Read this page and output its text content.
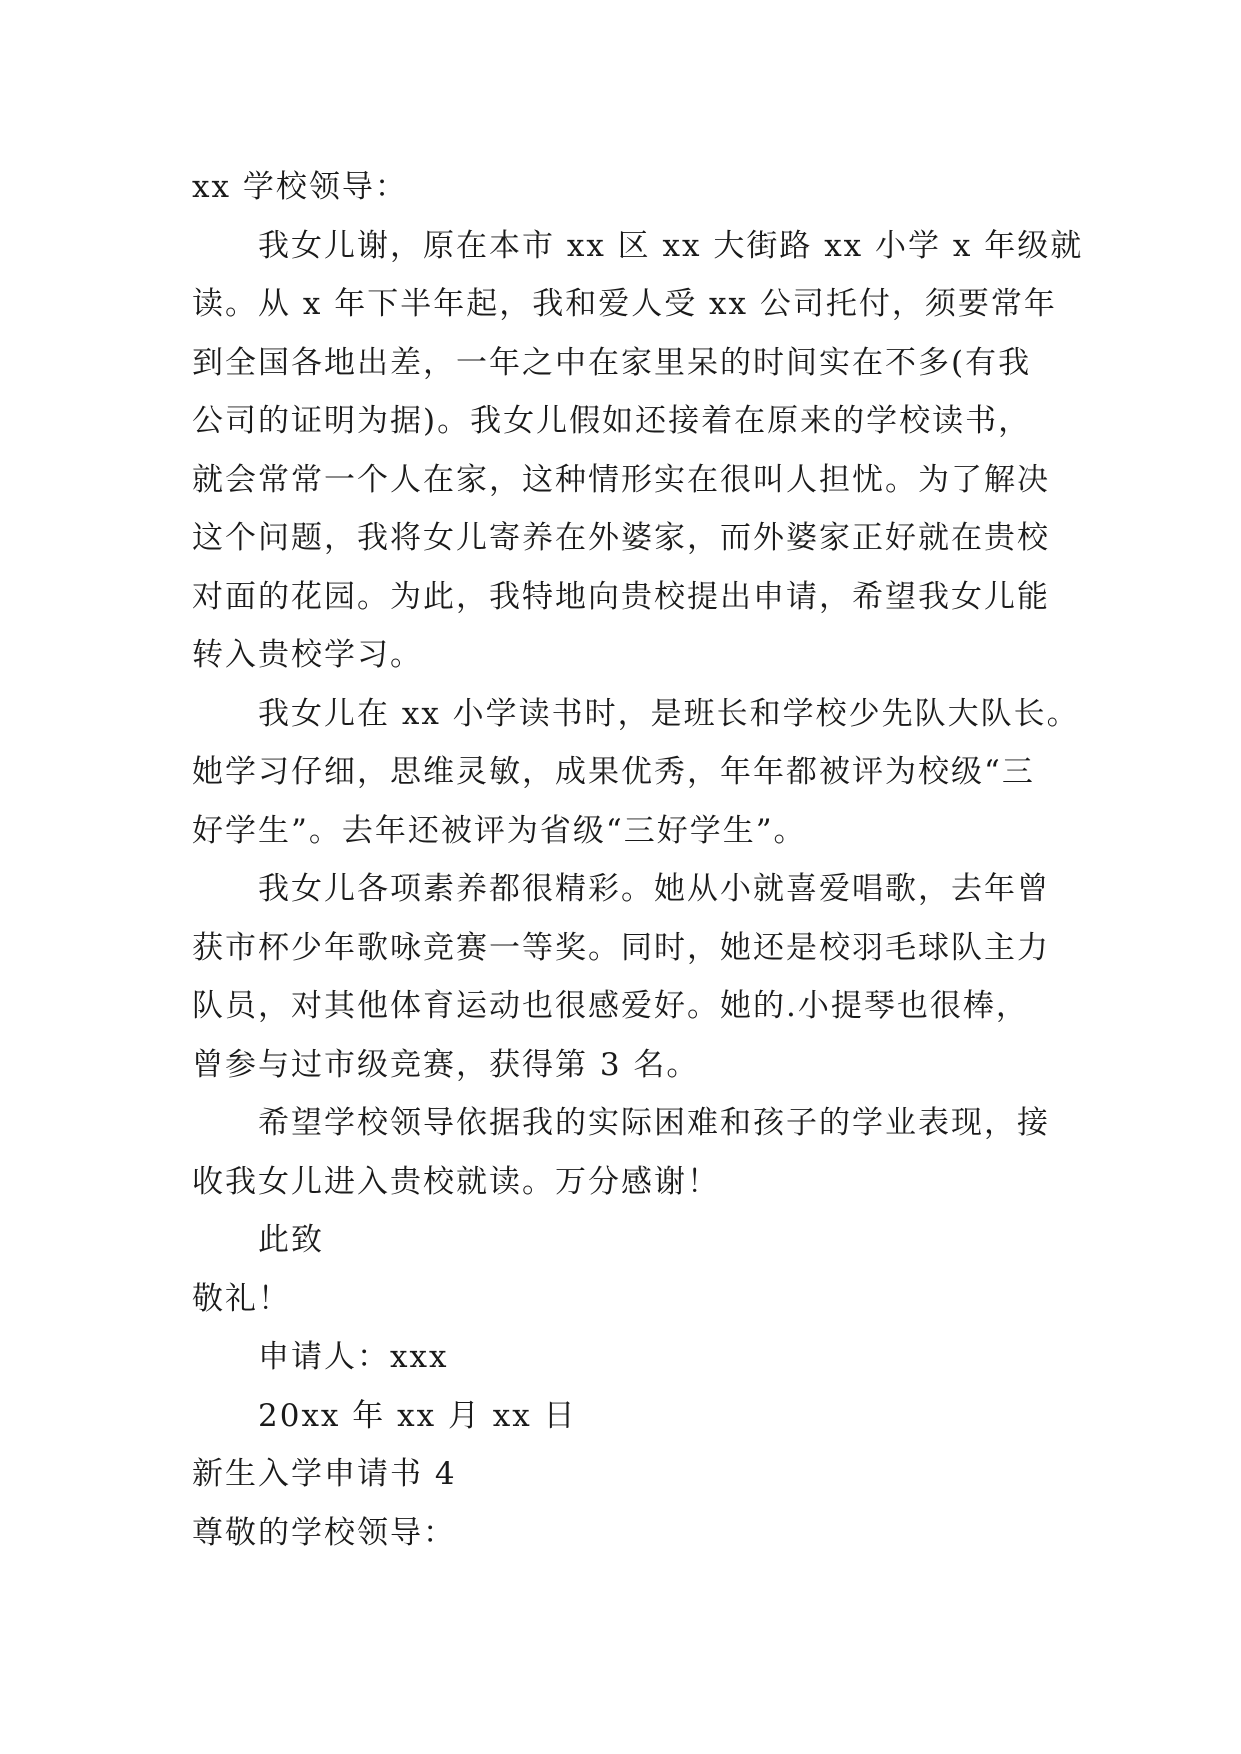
xx 学校领导：
我女儿谢，原在本市 xx 区 xx 大街路 xx 小学 x 年级就
读。从 x 年下半年起，我和爱人受 xx 公司托付，须要常年
到全国各地出差，一年之中在家里呆的时间实在不多(有我
公司的证明为据)。我女儿假如还接着在原来的学校读书，
就会常常一个人在家，这种情形实在很叫人担忧。为了解决
这个问题，我将女儿寄养在外婆家，而外婆家正好就在贵校
对面的花园。为此，我特地向贵校提出申请，希望我女儿能
转入贵校学习。
我女儿在 xx 小学读书时，是班长和学校少先队大队长。
她学习仔细，思维灵敏，成果优秀，年年都被评为校级“三
好学生”。去年还被评为省级“三好学生”。
我女儿各项素养都很精彩。她从小就喜爱唱歌，去年曾
获市杯少年歌咏竞赛一等奖。同时，她还是校羽毛球队主力
队员，对其他体育运动也很感爱好。她的.小提琴也很棒，
曾参与过市级竞赛，获得第 3 名。
希望学校领导依据我的实际困难和孩子的学业表现，接
收我女儿进入贵校就读。万分感谢！
此致
敬礼！
申请人：xxx
20xx 年 xx 月 xx 日
新生入学申请书 4
尊敬的学校领导：
